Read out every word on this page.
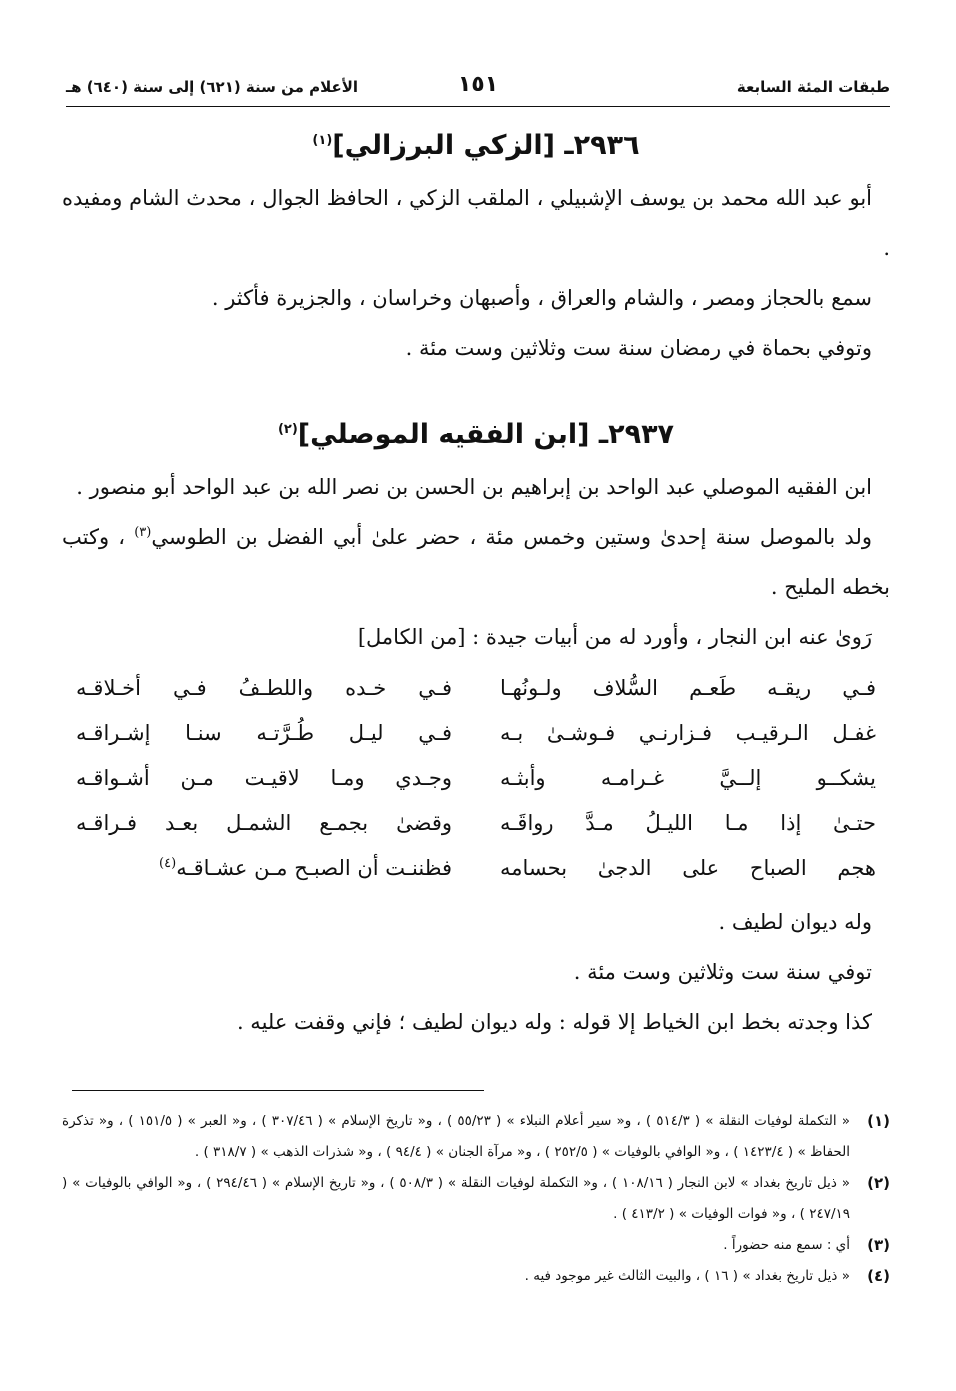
طبقات المئة السابعة
١٥١
الأعلام من سنة (٦٢١) إلى سنة (٦٤٠) هـ
٢٩٣٦ـ [الزكي البرزالي]$^{(١)}$

أبو عبد الله محمد بن يوسف الإشبيلي ، الملقب الزكي ، الحافظ الجوال ، محدث الشام ومفيده .

سمع بالحجاز ومصر ، والشام والعراق ، وأصبهان وخراسان ، والجزيرة فأكثر .

وتوفي بحماة في رمضان سنة ست وثلاثين وست مئة .

٢٩٣٧ـ [ابن الفقيه الموصلي]$^{(٢)}$

ابن الفقيه الموصلي عبد الواحد بن إبراهيم بن الحسن بن نصر الله بن عبد الواحد أبو منصور .

ولد بالموصل سنة إحدىٰ وستين وخمس مئة ، حضر علىٰ أبي الفضل بن الطوسي$^{(٣)}$ ، وكتب بخطه المليح .

رَوىٰ عنه ابن النجار ، وأورد له من أبيات جيدة : [من الكامل]

فـي ريقـه طَعـم السُّلاف ولـونُهـا
فـي خـده واللطـفُ فـي أخـلاقـه
غفـل الـرقيـب فـزارنـي فـوشـىٰ بـه
فـي ليـل طُـرَّتـه سنـا إشـراقـه
يشكــو إلــيَّ غـرامـه وأبثـه
وجـدي ومـا لاقيـت مـن أشـواقـه
حتـىٰ إذا مـا الليـلُ مـدَّ رواقَـه
وقضىٰ بجمـع الشمـل بعـد فـراقـه
هجم الصباح على الدجىٰ بحسامه
فظننـت أن الصبـح مـن عشـاقـه$^{(٤)}$

وله ديوان لطيف .

توفي سنة ست وثلاثين وست مئة .

كذا وجدته بخط ابن الخياط إلا قوله : وله ديوان لطيف ؛ فإني وقفت عليه .

(١)
« التكملة لوفيات النقلة » ( ٥١٤/٣ ) ، و« سير أعلام النبلاء » ( ٥٥/٢٣ ) ، و« تاريخ الإسلام » ( ٣٠٧/٤٦ ) ، و« العبر » ( ١٥١/٥ ) ، و« تذكرة الحفاظ » ( ١٤٢٣/٤ ) ، و« الوافي بالوفيات » ( ٢٥٢/٥ ) ، و« مرآة الجنان » ( ٩٤/٤ ) ، و« شذرات الذهب » ( ٣١٨/٧ ) .
(٢)
« ذيل تاريخ بغداد » لابن النجار ( ١٠٨/١٦ ) ، و« التكملة لوفيات النقلة » ( ٥٠٨/٣ ) ، و« تاريخ الإسلام » ( ٢٩٤/٤٦ ) ، و« الوافي بالوفيات » ( ٢٤٧/١٩ ) ، و« فوات الوفيات » ( ٤١٣/٢ ) .
(٣)
أي : سمع منه حضوراً .
(٤)
« ذيل تاريخ بغداد » ( ١٦ ) ، والبيت الثالث غير موجود فيه .
